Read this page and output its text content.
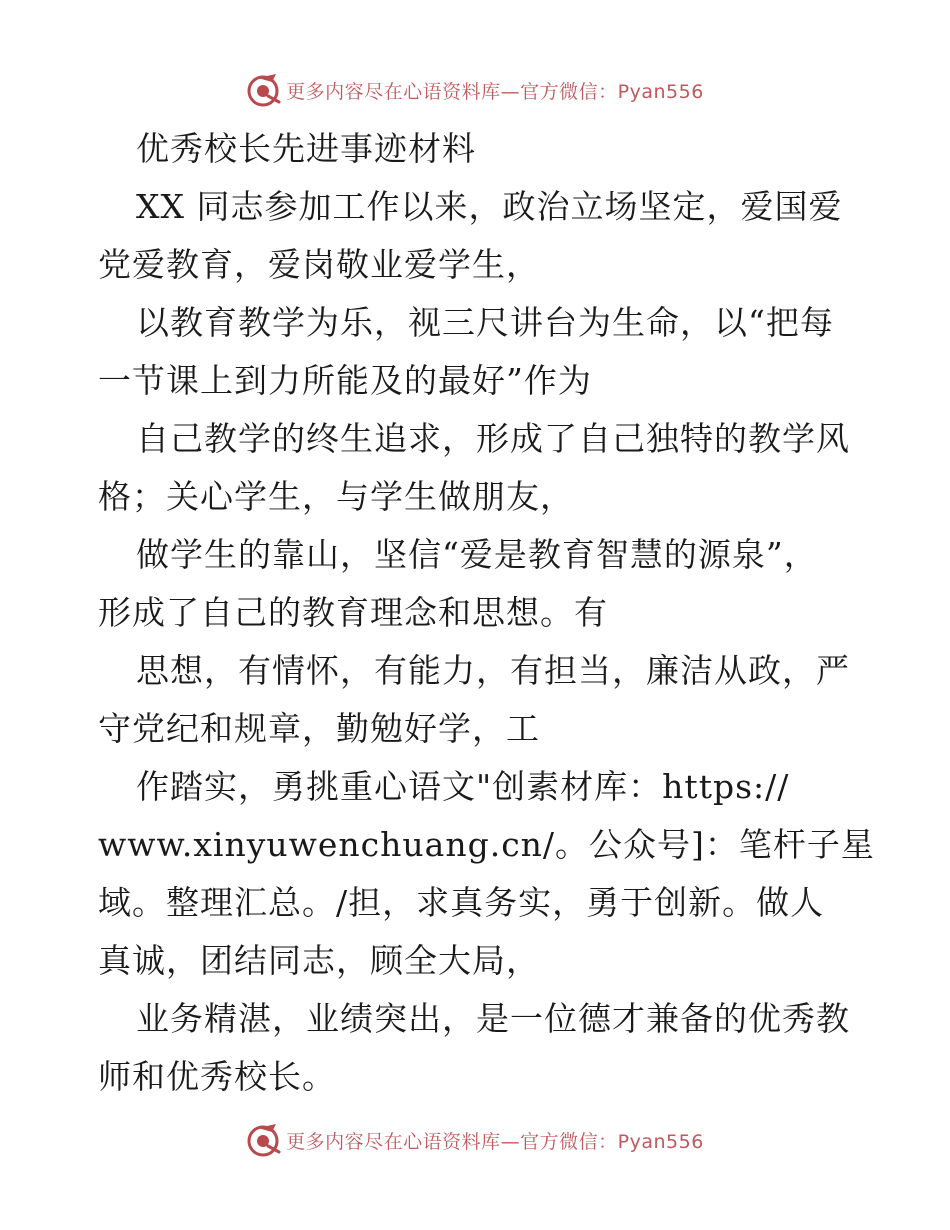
更多内容尽在心语资料库—官方微信：Pyan556
优秀校长先进事迹材料
XX 同志参加工作以来，政治立场坚定，爱国爱
党爱教育，爱岗敬业爱学生，
以教育教学为乐，视三尺讲台为生命，以“把每
一节课上到力所能及的最好”作为
自己教学的终生追求，形成了自己独特的教学风
格；关心学生，与学生做朋友，
做学生的靠山，坚信“爱是教育智慧的源泉”，
形成了自己的教育理念和思想。有
思想，有情怀，有能力，有担当，廉洁从政，严
守党纪和规章，勤勉好学，工
作踏实，勇挑重心语文"创素材库：https://
www.xinyuwenchuang.cn/。公众号]：笔杆子星
域。整理汇总。/担，求真务实，勇于创新。做人
真诚，团结同志，顾全大局，
业务精湛，业绩突出，是一位德才兼备的优秀教
师和优秀校长。
更多内容尽在心语资料库—官方微信：Pyan556
